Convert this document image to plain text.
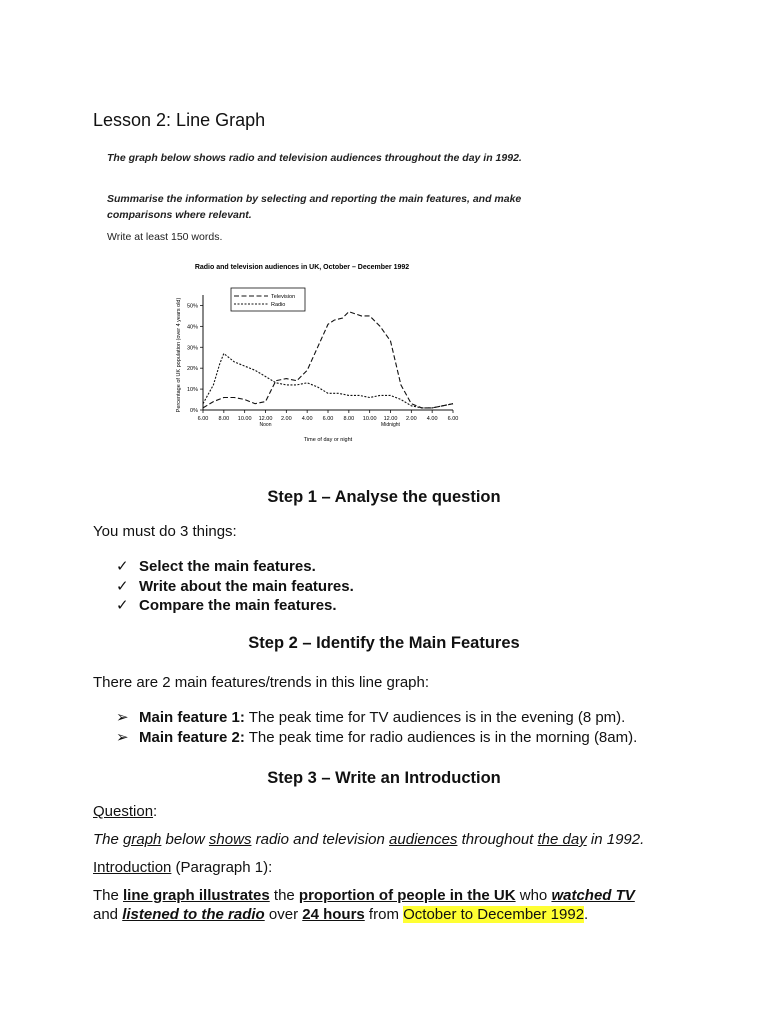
Lesson 2: Line Graph

The graph below shows radio and television audiences throughout the day in 1992.

Summarise the information by selecting and reporting the main features, and make comparisons where relevant.

Write at least 150 words.

Radio and television audiences in UK, October – December 1992
Percentage of UK population (over 4 years old)
Time of day or night
0%
10%
20%
30%
40%
50%
6.00 8.00 10.00 12.00 2.00 4.00 6.00 8.00 10.00 12.00 2.00 4.00 6.00
Noon	Midnight
Television
Radio
Step 1 – Analyse the question

You must do 3 things:

✓ Select the main features.
✓ Write about the main features.
✓ Compare the main features.
Step 2 – Identify the Main Features

There are 2 main features/trends in this line graph:

➢ Main feature 1: The peak time for TV audiences is in the evening (8 pm).
➢ Main feature 2: The peak time for radio audiences is in the morning (8am).
Step 3 – Write an Introduction

Question:

The graph below shows radio and television audiences throughout the day in 1992.

Introduction (Paragraph 1):

The line graph illustrates the proportion of people in the UK who watched TV

and listened to the radio over 24 hours from October to December 1992.
